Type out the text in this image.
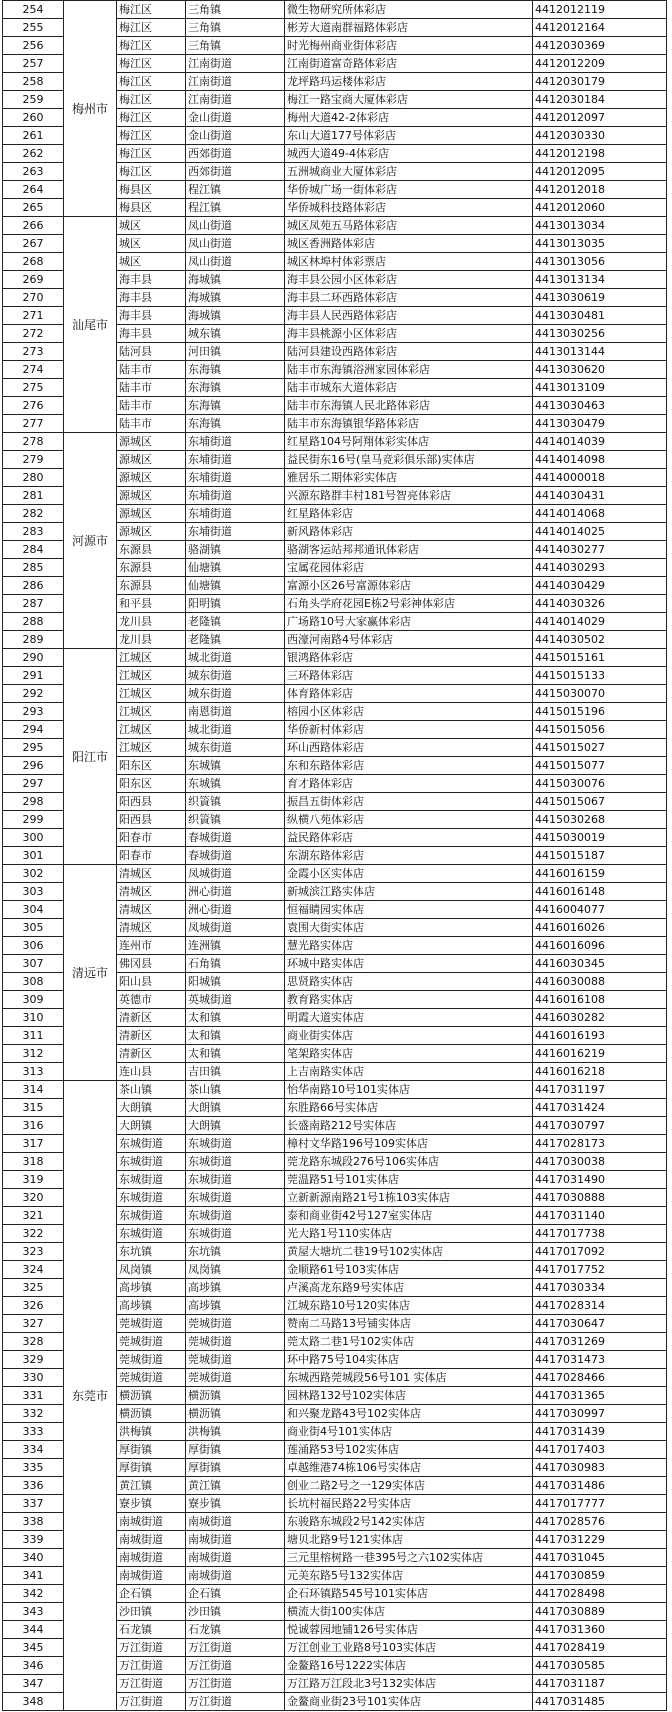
254	梅州市	梅江区	三角镇	微生物研究所体彩店	4412012119
255		梅江区	三角镇	彬芳大道南群福路体彩店	4412012164
256		梅江区	三角镇	时光梅州商业街体彩店	4412030369
257		梅江区	江南街道	江南街道富奇路体彩店	4412012209
258		梅江区	江南街道	龙坪路玛运楼体彩店	4412030179
259		梅江区	江南街道	梅江一路宝商大厦体彩店	4412030184
260		梅江区	金山街道	梅州大道42-2体彩店	4412012097
261		梅江区	金山街道	东山大道177号体彩店	4412030330
262		梅江区	西郊街道	城西大道49-4体彩店	4412012198
263		梅江区	西郊街道	五洲城商业大厦体彩店	4412012095
264		梅县区	程江镇	华侨城广场一街体彩店	4412012018
265		梅县区	程江镇	华侨城科技路体彩店	4412012060
266	汕尾市	城区	凤山街道	城区凤苑五马路体彩店	4413013034
267		城区	凤山街道	城区香洲路体彩店	4413013035
268		城区	凤山街道	城区林埠村体彩票店	4413013056
269		海丰县	海城镇	海丰县公园小区体彩店	4413013134
270		海丰县	海城镇	海丰县二环西路体彩店	4413030619
271		海丰县	海城镇	海丰县人民西路体彩店	4413030481
272		海丰县	城东镇	海丰县桃源小区体彩店	4413030256
273		陆河县	河田镇	陆河县建设西路体彩店	4413013144
274		陆丰市	东海镇	陆丰市东海镇浴洲家园体彩店	4413030620
275		陆丰市	东海镇	陆丰市城东大道体彩店	4413013109
276		陆丰市	东海镇	陆丰市东海镇人民北路体彩店	4413030463
277		陆丰市	东海镇	陆丰市东海镇银华路体彩店	4413030479
278	河源市	源城区	东埔街道	红星路104号阿翔体彩实体店	4414014039
279		源城区	东埔街道	益民街东16号(皇马竞彩俱乐部)实体店	4414014098
280		源城区	东埔街道	雅居乐二期体彩实体店	4414000018
281		源城区	东埔街道	兴源东路群丰村181号智亮体彩店	4414030431
282		源城区	东埔街道	红星路体彩店	4414014068
283		源城区	东埔街道	新风路体彩店	4414014025
284		东源县	骆湖镇	骆湖客运站邦邦通讯体彩店	4414030277
285		东源县	仙塘镇	宝属花园体彩店	4414030293
286		东源县	仙塘镇	富源小区26号富源体彩店	4414030429
287		和平县	阳明镇	石角头学府花园E栋2号彩神体彩店	4414030326
288		龙川县	老隆镇	广场路10号大家赢体彩店	4414014029
289		龙川县	老隆镇	西濠河南路4号体彩店	4414030502
290	阳江市	江城区	城北街道	银鸿路体彩店	4415015161
291		江城区	城东街道	三环路体彩店	4415015133
292		江城区	城东街道	体育路体彩店	4415030070
293		江城区	南恩街道	榕园小区体彩店	4415015196
294		江城区	城北街道	华侨新村体彩店	4415015056
295		江城区	城东街道	环山西路体彩店	4415015027
296		阳东区	东城镇	东和东路体彩店	4415015077
297		阳东区	东城镇	育才路体彩店	4415030076
298		阳西县	织篢镇	振昌五街体彩店	4415015067
299		阳西县	织篢镇	纵横八苑体彩店	4415030268
300		阳春市	春城街道	益民路体彩店	4415030019
301		阳春市	春城街道	东湖东路体彩店	4415015187
302	清远市	清城区	凤城街道	金霞小区实体店	4416016159
303		清城区	洲心街道	新城滨江路实体店	4416016148
304		清城区	洲心街道	恒福睛园实体店	4416004077
305		清城区	凤城街道	袁围大街实体店	4416016026
306		连州市	连洲镇	慧光路实体店	4416016096
307		佛冈县	石角镇	环城中路实体店	4416030345
308		阳山县	阳城镇	思贤路实体店	4416030088
309		英德市	英城街道	教育路实体店	4416016108
310		清新区	太和镇	明霞大道实体店	4416030282
311		清新区	太和镇	商业街实体店	4416016193
312		清新区	太和镇	笔架路实体店	4416016219
313		连山县	吉田镇	上吉南路实体店	4416016218
314	东莞市	茶山镇	茶山镇	怡华南路10号101实体店	4417031197
315		大朗镇	大朗镇	东胜路66号实体店	4417031424
316		大朗镇	大朗镇	长盛南路212号实体店	4417030797
317		东城街道	东城街道	樟村文华路196号109实体店	4417028173
318		东城街道	东城街道	莞龙路东城段276号106实体店	4417030038
319		东城街道	东城街道	莞温路51号101实体店	4417031490
320		东城街道	东城街道	立新新源南路21号1栋103实体店	4417030888
321		东城街道	东城街道	泰和商业街42号127室实体店	4417031140
322		东城街道	东城街道	光大路1号110实体店	4417017738
323		东坑镇	东坑镇	黄屋大塘坑二巷19号102实体店	4417017092
324		凤岗镇	凤岗镇	金顺路61号103实体店	4417017752
325		高埗镇	高埗镇	卢溪高龙东路9号实体店	4417030334
326		高埗镇	高埗镇	江城东路10号120实体店	4417028314
327		莞城街道	莞城街道	赞南二马路13号铺实体店	4417030647
328		莞城街道	莞城街道	莞太路二巷1号102实体店	4417031269
329		莞城街道	莞城街道	环中路75号104实体店	4417031473
330		莞城街道	莞城街道	东城西路莞城段56号101 实体店	4417028466
331		横沥镇	横沥镇	园林路132号102实体店	4417031365
332		横沥镇	横沥镇	和兴聚龙路43号102实体店	4417030997
333		洪梅镇	洪梅镇	商业街4号101实体店	4417031439
334		厚街镇	厚街镇	莲涌路53号102实体店	4417017403
335		厚街镇	厚街镇	卓越维港74栋106号实体店	4417030983
336		黄江镇	黄江镇	创业二路2号之一129实体店	4417031486
337		寮步镇	寮步镇	长坑村福民路22号实体店	4417017777
338		南城街道	南城街道	东骏路东城段2号142实体店	4417028576
339		南城街道	南城街道	塘贝北路9号121实体店	4417031229
340		南城街道	南城街道	三元里榕树路一巷395号之六102实体店	4417031045
341		南城街道	南城街道	元美东路5号132实体店	4417030859
342		企石镇	企石镇	企石环镇路545号101实体店	4417028498
343		沙田镇	沙田镇	横流大街100实体店	4417030889
344		石龙镇	石龙镇	悦诚蓉园地铺126号实体店	4417031360
345		万江街道	万江街道	万江创业工业路8号103实体店	4417028419
346		万江街道	万江街道	金鳌路16号1222实体店	4417030585
347		万江街道	万江街道	万江路万江段北3号132实体店	4417031187
348		万江街道	万江街道	金鳌商业街23号101实体店	4417031485
